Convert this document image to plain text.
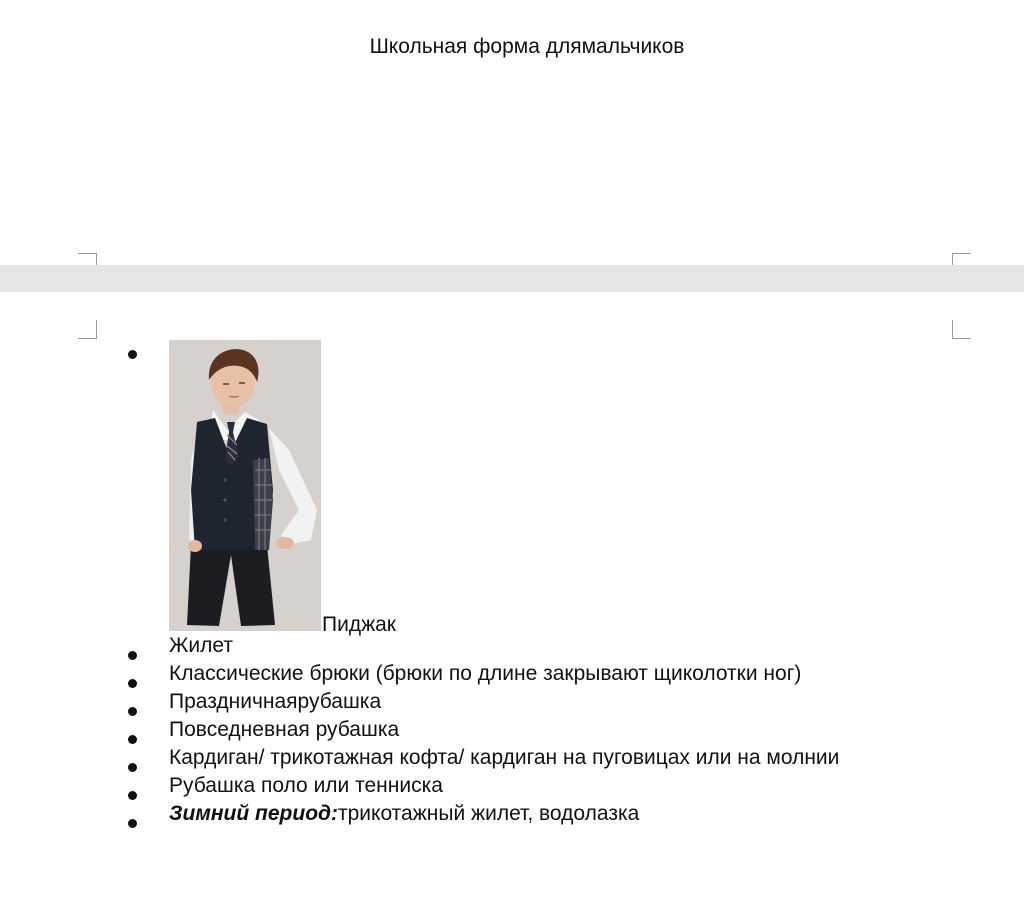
Школьная форма длямальчиков
Пиджак
Жилет
Классические брюки (брюки по длине закрывают щиколотки ног)
Праздничнаярубашка
Повседневная рубашка
Кардиган/ трикотажная кофта/ кардиган на пуговицах или на молнии
Рубашка поло или тенниска
Зимний период:трикотажный жилет, водолазка
